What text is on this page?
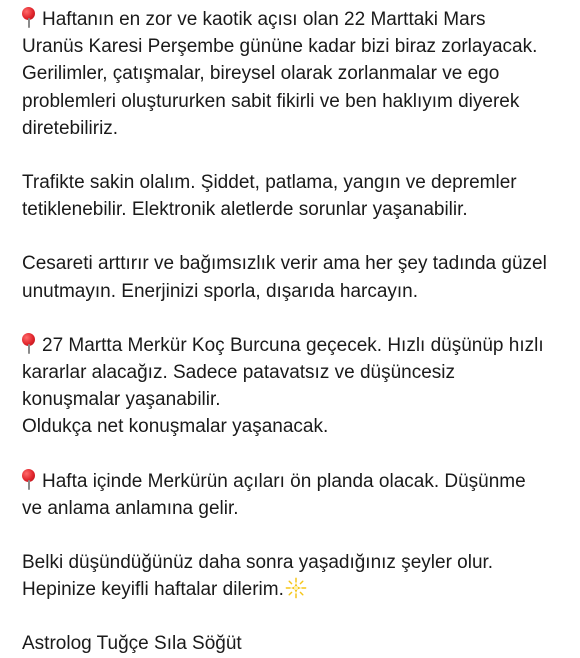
Haftanın en zor ve kaotik açısı olan 22 Marttaki Mars
Uranüs Karesi Perşembe gününe kadar bizi biraz zorlayacak.
Gerilimler, çatışmalar, bireysel olarak zorlanmalar ve ego
problemleri oluştururken sabit fikirli ve ben haklıyım diyerek
diretebiliriz.

Trafikte sakin olalım. Şiddet, patlama, yangın ve depremler
tetiklenebilir. Elektronik aletlerde sorunlar yaşanabilir.

Cesareti arttırır ve bağımsızlık verir ama her şey tadında güzel
unutmayın. Enerjinizi sporla, dışarıda harcayın.

27 Martta Merkür Koç Burcuna geçecek. Hızlı düşünüp hızlı
kararlar alacağız. Sadece patavatsız ve düşüncesiz
konuşmalar yaşanabilir.
Oldukça net konuşmalar yaşanacak.

Hafta içinde Merkürün açıları ön planda olacak. Düşünme
ve anlama anlamına gelir.

Belki düşündüğünüz daha sonra yaşadığınız şeyler olur.
Hepinize keyifli haftalar dilerim.

Astrolog Tuğçe Sıla Söğüt
